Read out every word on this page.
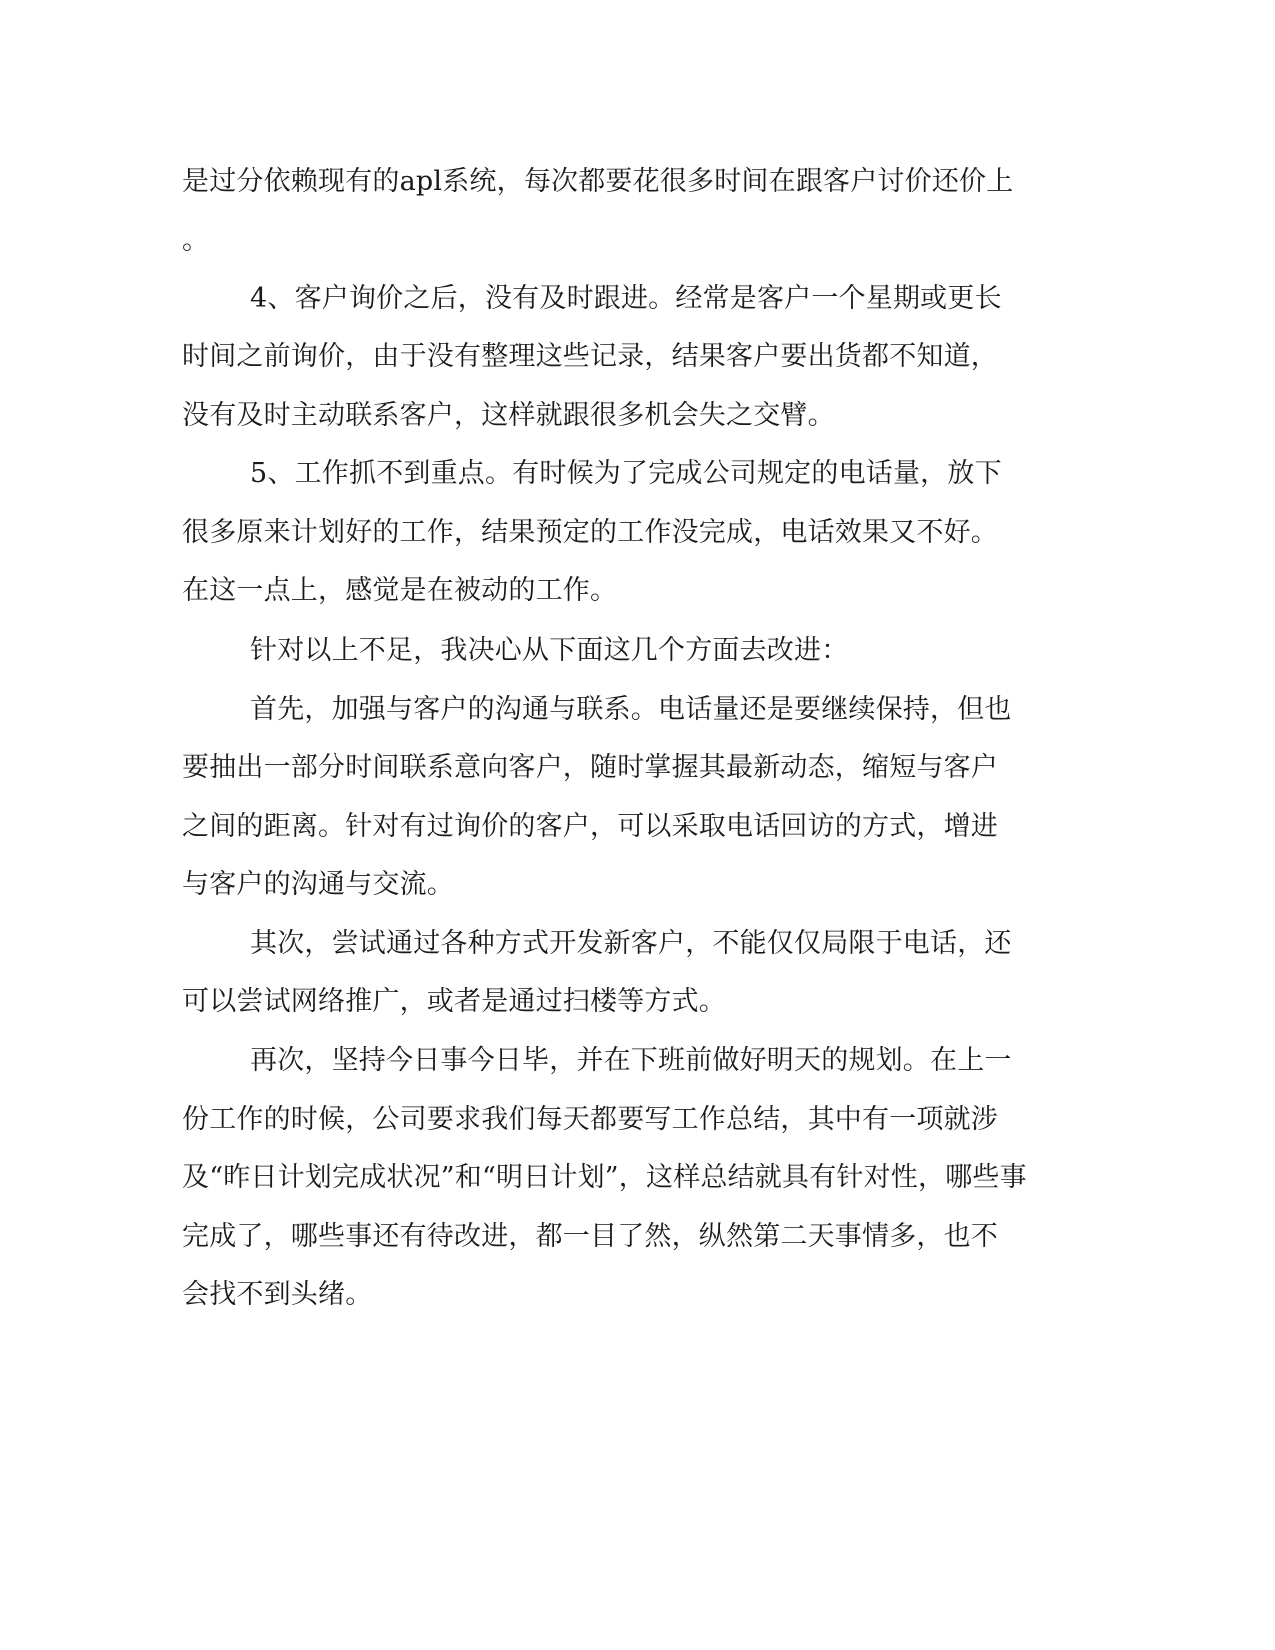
是过分依赖现有的apl系统，每次都要花很多时间在跟客户讨价还价上

。

4、客户询价之后，没有及时跟进。经常是客户一个星期或更长

时间之前询价，由于没有整理这些记录，结果客户要出货都不知道，

没有及时主动联系客户，这样就跟很多机会失之交臂。

5、工作抓不到重点。有时候为了完成公司规定的电话量，放下

很多原来计划好的工作，结果预定的工作没完成，电话效果又不好。

在这一点上，感觉是在被动的工作。

针对以上不足，我决心从下面这几个方面去改进：

首先，加强与客户的沟通与联系。电话量还是要继续保持，但也

要抽出一部分时间联系意向客户，随时掌握其最新动态，缩短与客户

之间的距离。针对有过询价的客户，可以采取电话回访的方式，增进

与客户的沟通与交流。

其次，尝试通过各种方式开发新客户，不能仅仅局限于电话，还

可以尝试网络推广，或者是通过扫楼等方式。

再次，坚持今日事今日毕，并在下班前做好明天的规划。在上一

份工作的时候，公司要求我们每天都要写工作总结，其中有一项就涉

及“昨日计划完成状况”和“明日计划”，这样总结就具有针对性，哪些事

完成了，哪些事还有待改进，都一目了然，纵然第二天事情多，也不

会找不到头绪。
